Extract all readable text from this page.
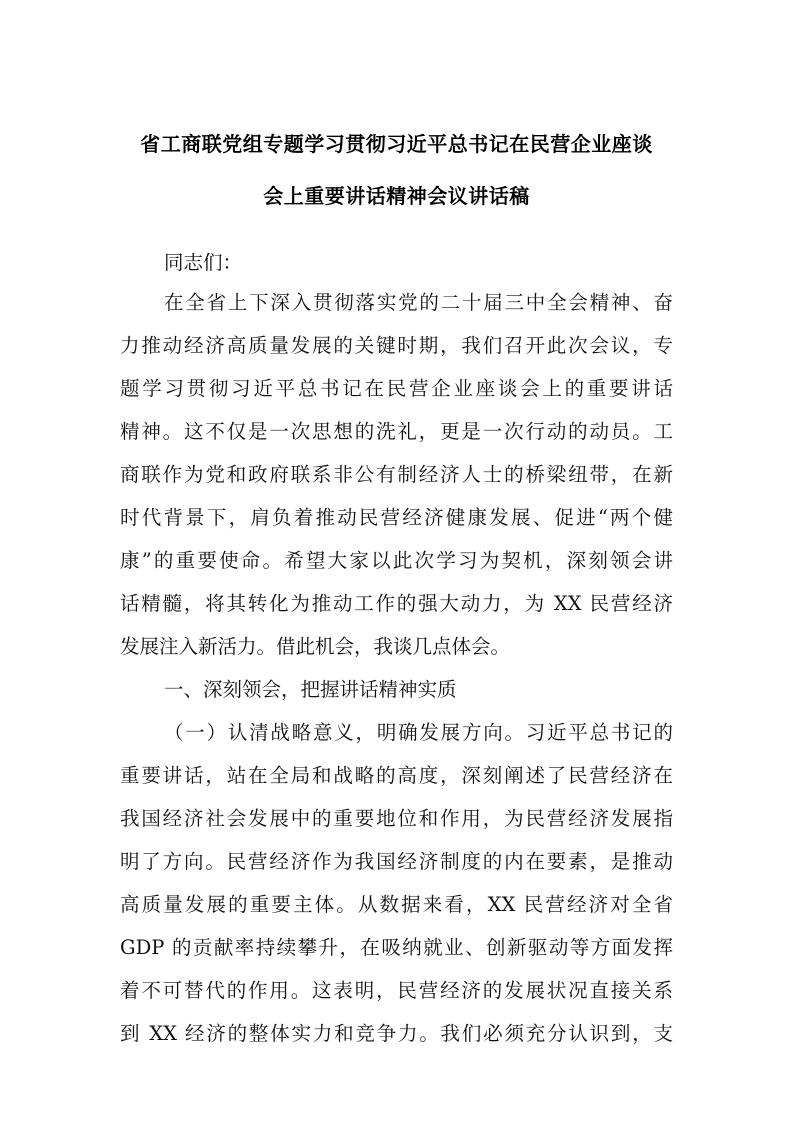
省工商联党组专题学习贯彻习近平总书记在民营企业座谈
会上重要讲话精神会议讲话稿
同志们：
在全省上下深入贯彻落实党的二十届三中全会精神、奋
力推动经济高质量发展的关键时期，我们召开此次会议，专
题学习贯彻习近平总书记在民营企业座谈会上的重要讲话
精神。这不仅是一次思想的洗礼，更是一次行动的动员。工
商联作为党和政府联系非公有制经济人士的桥梁纽带，在新
时代背景下，肩负着推动民营经济健康发展、促进“两个健
康”的重要使命。希望大家以此次学习为契机，深刻领会讲
话精髓，将其转化为推动工作的强大动力，为 XX 民营经济
发展注入新活力。借此机会，我谈几点体会。
一、深刻领会，把握讲话精神实质
（一）认清战略意义，明确发展方向。习近平总书记的
重要讲话，站在全局和战略的高度，深刻阐述了民营经济在
我国经济社会发展中的重要地位和作用，为民营经济发展指
明了方向。民营经济作为我国经济制度的内在要素，是推动
高质量发展的重要主体。从数据来看，XX 民营经济对全省
GDP 的贡献率持续攀升，在吸纳就业、创新驱动等方面发挥
着不可替代的作用。这表明，民营经济的发展状况直接关系
到 XX 经济的整体实力和竞争力。我们必须充分认识到，支
